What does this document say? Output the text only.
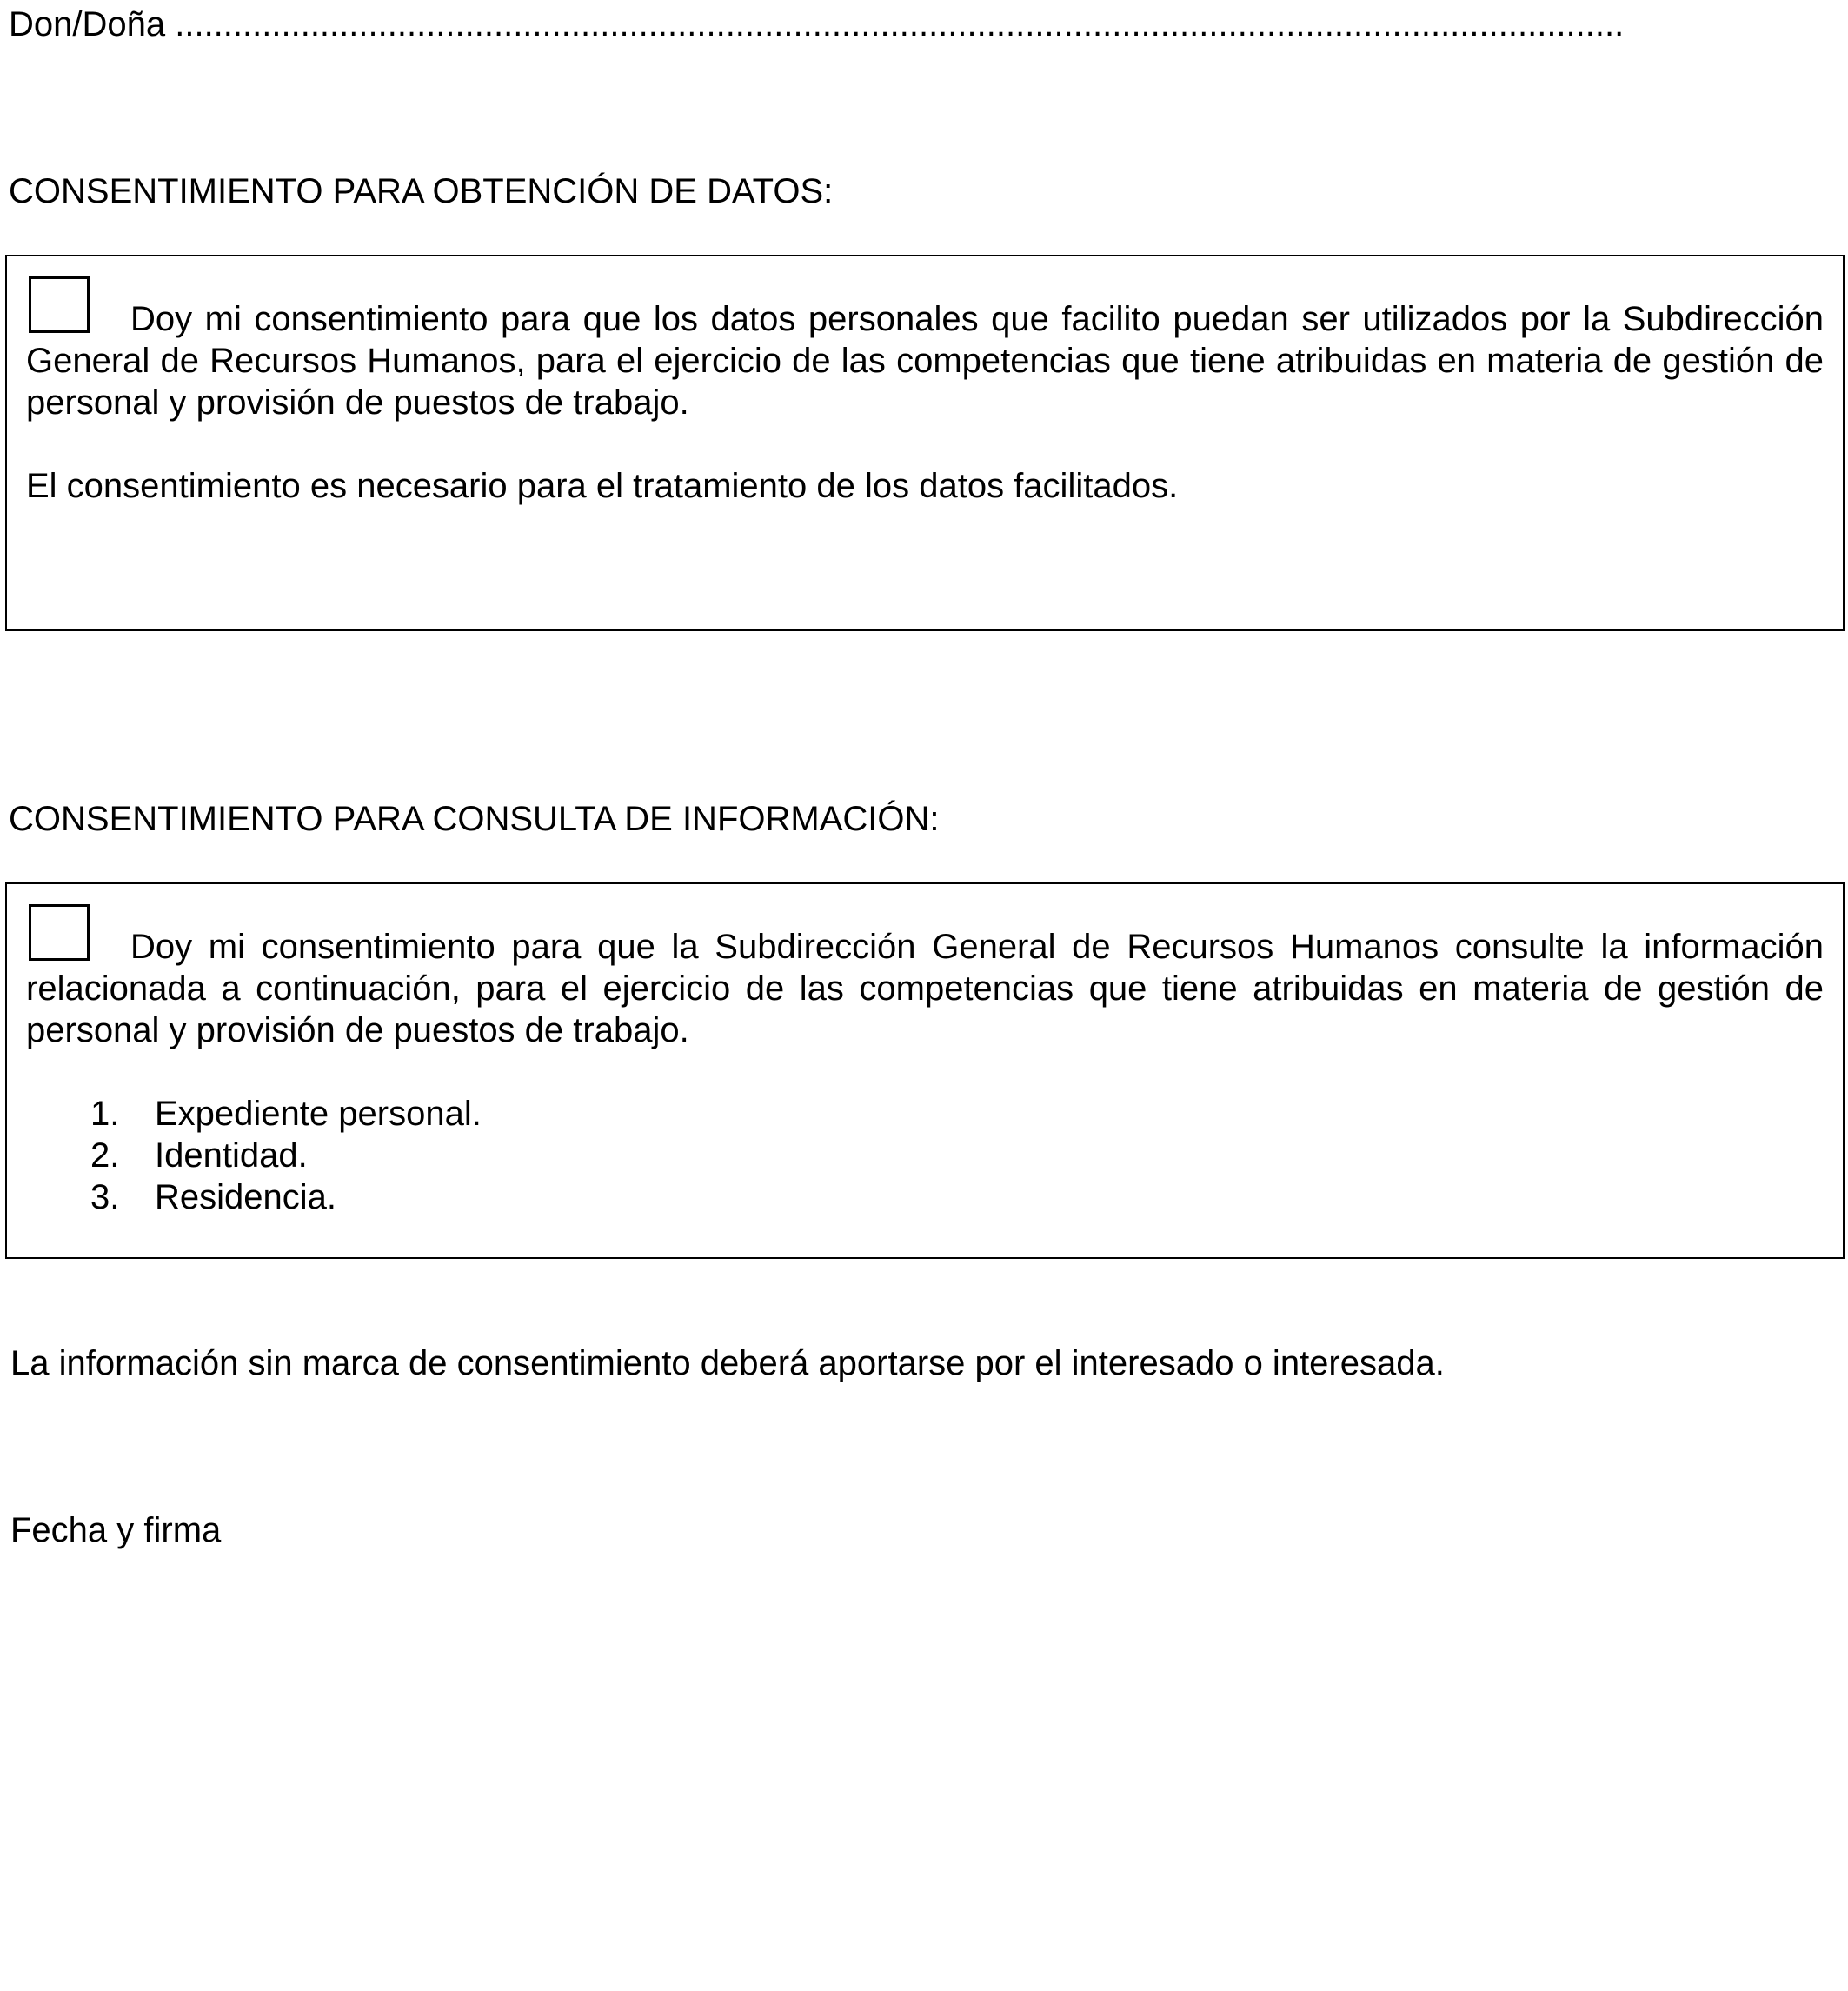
Don/Doña ......................................................................................................................................................
CONSENTIMIENTO PARA OBTENCIÓN DE DATOS:

Doy mi consentimiento para que los datos personales que facilito puedan ser utilizados por la Subdirección General de Recursos Humanos, para el ejercicio de las competencias que tiene atribuidas en materia de gestión de personal y provisión de puestos de trabajo.

El consentimiento es necesario para el tratamiento de los datos facilitados.

CONSENTIMIENTO PARA CONSULTA DE INFORMACIÓN:

Doy mi consentimiento para que la Subdirección General de Recursos Humanos consulte la información relacionada a continuación, para el ejercicio de las competencias que tiene atribuidas en materia de gestión de personal y provisión de puestos de trabajo.

1. Expediente personal.
2. Identidad.
3. Residencia.
La información sin marca de consentimiento deberá aportarse por el interesado o interesada.
Fecha y firma
